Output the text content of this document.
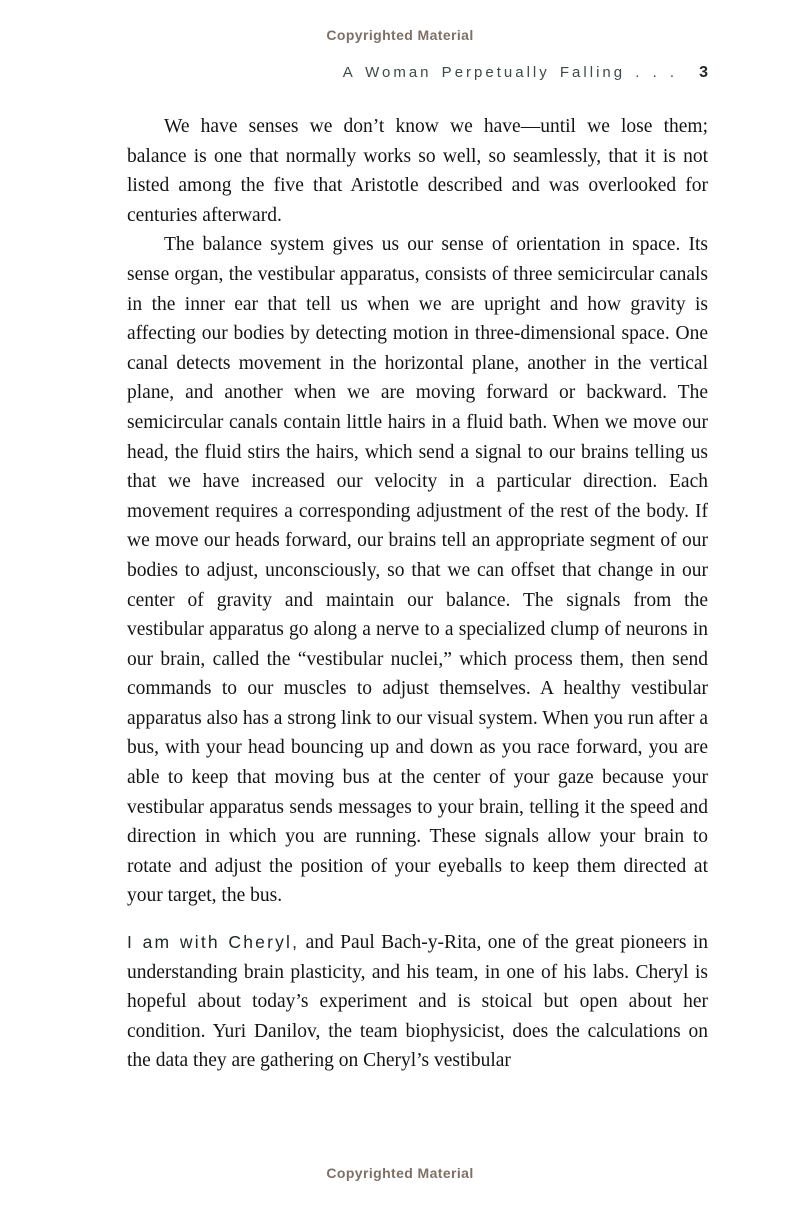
Copyrighted Material
A Woman Perpetually Falling . . . 3

We have senses we don’t know we have—until we lose them; balance is one that normally works so well, so seamlessly, that it is not listed among the five that Aristotle described and was overlooked for centuries afterward.

The balance system gives us our sense of orientation in space. Its sense organ, the vestibular apparatus, consists of three semicircular canals in the inner ear that tell us when we are upright and how gravity is affecting our bodies by detecting motion in three-dimensional space. One canal detects movement in the horizontal plane, another in the vertical plane, and another when we are moving forward or backward. The semicircular canals contain little hairs in a fluid bath. When we move our head, the fluid stirs the hairs, which send a signal to our brains telling us that we have increased our velocity in a particular direction. Each movement requires a corresponding adjustment of the rest of the body. If we move our heads forward, our brains tell an appropriate segment of our bodies to adjust, unconsciously, so that we can offset that change in our center of gravity and maintain our balance. The signals from the vestibular apparatus go along a nerve to a specialized clump of neurons in our brain, called the “vestibular nuclei,” which process them, then send commands to our muscles to adjust themselves. A healthy vestibular apparatus also has a strong link to our visual system. When you run after a bus, with your head bouncing up and down as you race forward, you are able to keep that moving bus at the center of your gaze because your vestibular apparatus sends messages to your brain, telling it the speed and direction in which you are running. These signals allow your brain to rotate and adjust the position of your eyeballs to keep them directed at your target, the bus.

I am with Cheryl, and Paul Bach-y-Rita, one of the great pioneers in understanding brain plasticity, and his team, in one of his labs. Cheryl is hopeful about today’s experiment and is stoical but open about her condition. Yuri Danilov, the team biophysicist, does the calculations on the data they are gathering on Cheryl’s vestibular

Copyrighted Material
